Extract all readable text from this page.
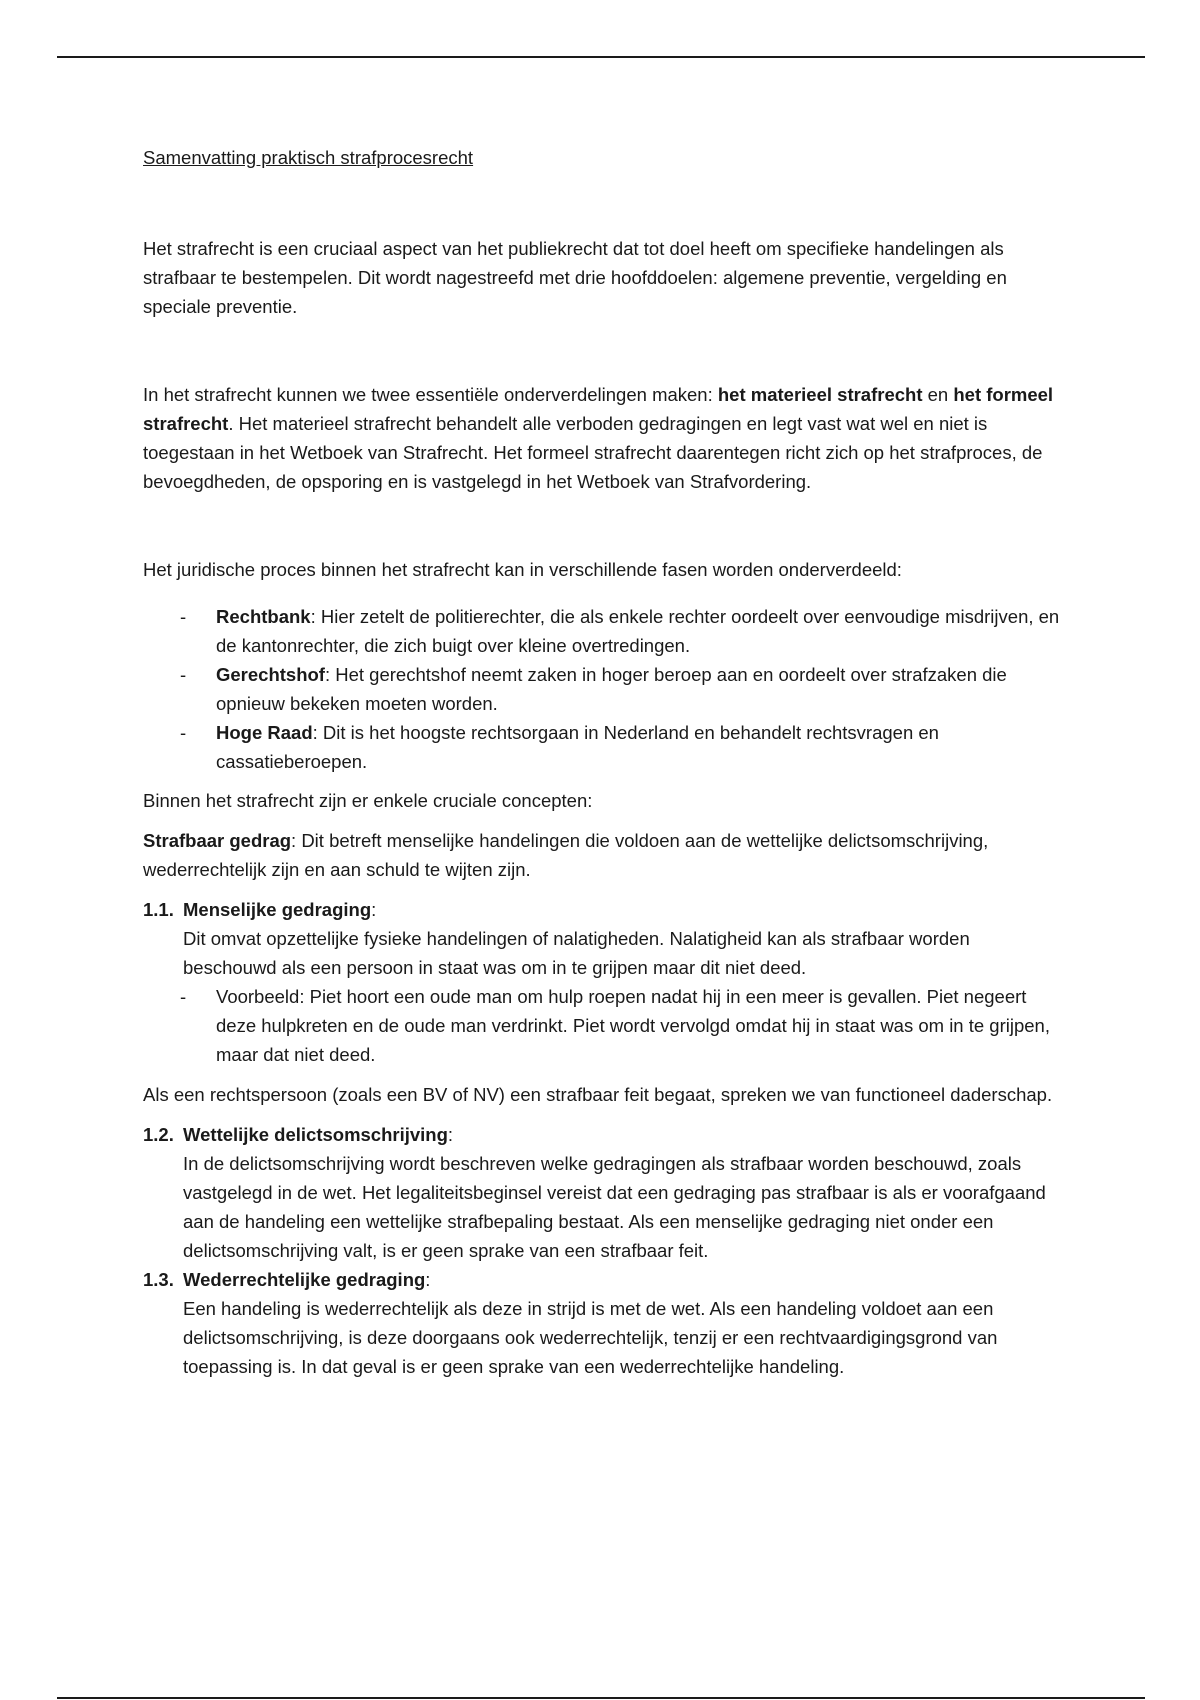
Samenvatting praktisch strafprocesrecht

Het strafrecht is een cruciaal aspect van het publiekrecht dat tot doel heeft om specifieke handelingen als strafbaar te bestempelen. Dit wordt nagestreefd met drie hoofddoelen: algemene preventie, vergelding en speciale preventie.

In het strafrecht kunnen we twee essentiële onderverdelingen maken: het materieel strafrecht en het formeel strafrecht. Het materieel strafrecht behandelt alle verboden gedragingen en legt vast wat wel en niet is toegestaan in het Wetboek van Strafrecht. Het formeel strafrecht daarentegen richt zich op het strafproces, de bevoegdheden, de opsporing en is vastgelegd in het Wetboek van Strafvordering.

Het juridische proces binnen het strafrecht kan in verschillende fasen worden onderverdeeld:

- Rechtbank: Hier zetelt de politierechter, die als enkele rechter oordeelt over eenvoudige misdrijven, en de kantonrechter, die zich buigt over kleine overtredingen.
- Gerechtshof: Het gerechtshof neemt zaken in hoger beroep aan en oordeelt over strafzaken die opnieuw bekeken moeten worden.
- Hoge Raad: Dit is het hoogste rechtsorgaan in Nederland en behandelt rechtsvragen en cassatieberoepen.

Binnen het strafrecht zijn er enkele cruciale concepten:

Strafbaar gedrag: Dit betreft menselijke handelingen die voldoen aan de wettelijke delictsomschrijving, wederrechtelijk zijn en aan schuld te wijten zijn.

1.1. Menselijke gedraging:

Dit omvat opzettelijke fysieke handelingen of nalatigheden. Nalatigheid kan als strafbaar worden beschouwd als een persoon in staat was om in te grijpen maar dit niet deed.

- Voorbeeld: Piet hoort een oude man om hulp roepen nadat hij in een meer is gevallen. Piet negeert deze hulpkreten en de oude man verdrinkt. Piet wordt vervolgd omdat hij in staat was om in te grijpen, maar dat niet deed.

Als een rechtspersoon (zoals een BV of NV) een strafbaar feit begaat, spreken we van functioneel daderschap.

1.2. Wettelijke delictsomschrijving:

In de delictsomschrijving wordt beschreven welke gedragingen als strafbaar worden beschouwd, zoals vastgelegd in de wet. Het legaliteitsbeginsel vereist dat een gedraging pas strafbaar is als er voorafgaand aan de handeling een wettelijke strafbepaling bestaat. Als een menselijke gedraging niet onder een delictsomschrijving valt, is er geen sprake van een strafbaar feit.

1.3. Wederrechtelijke gedraging:

Een handeling is wederrechtelijk als deze in strijd is met de wet. Als een handeling voldoet aan een delictsomschrijving, is deze doorgaans ook wederrechtelijk, tenzij er een rechtvaardigingsgrond van toepassing is. In dat geval is er geen sprake van een wederrechtelijke handeling.
